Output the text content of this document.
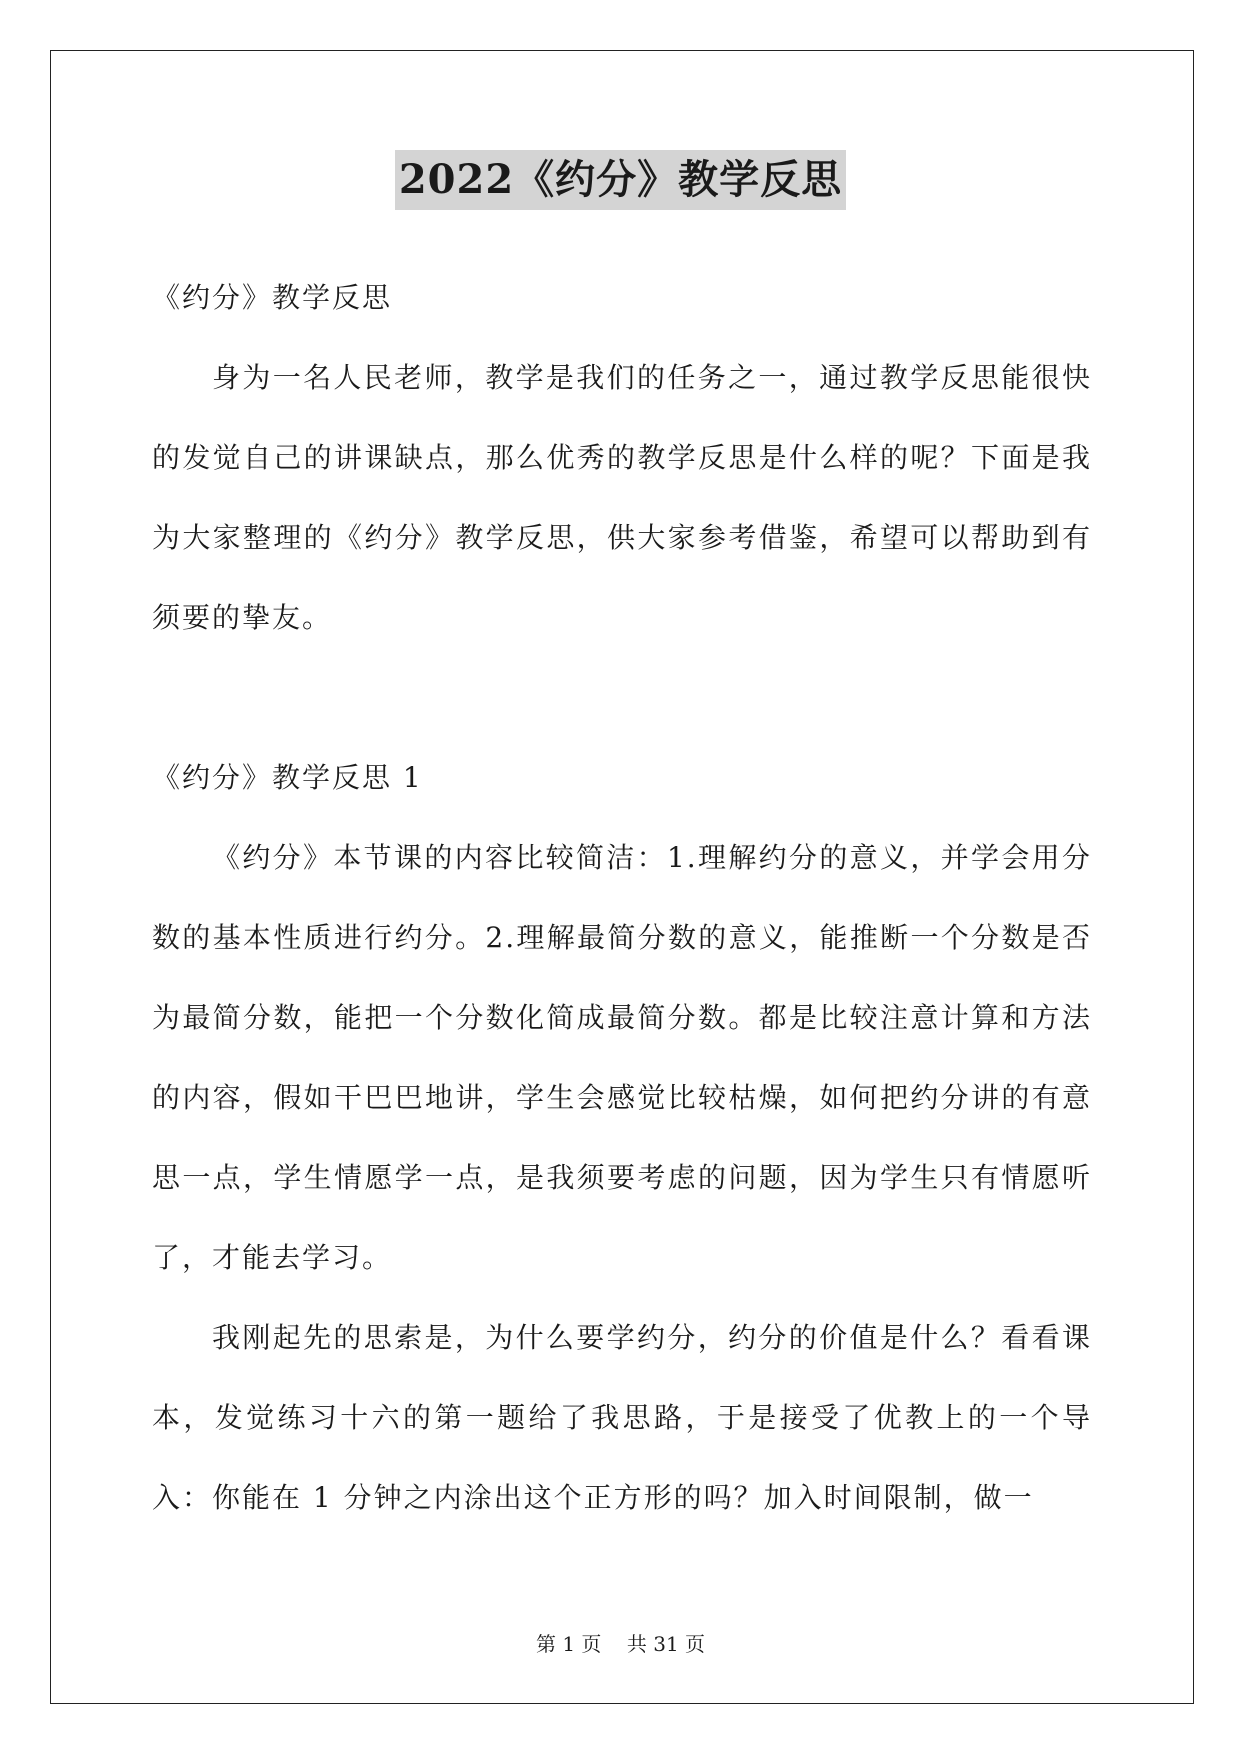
2022《约分》教学反思

《约分》教学反思

身为一名人民老师，教学是我们的任务之一，通过教学反思能很快的发觉自己的讲课缺点，那么优秀的教学反思是什么样的呢？下面是我为大家整理的《约分》教学反思，供大家参考借鉴，希望可以帮助到有须要的挚友。

《约分》教学反思 1

《约分》本节课的内容比较简洁：1.理解约分的意义，并学会用分数的基本性质进行约分。2.理解最简分数的意义，能推断一个分数是否为最简分数，能把一个分数化简成最简分数。都是比较注意计算和方法的内容，假如干巴巴地讲，学生会感觉比较枯燥，如何把约分讲的有意思一点，学生情愿学一点，是我须要考虑的问题，因为学生只有情愿听了，才能去学习。

我刚起先的思索是，为什么要学约分，约分的价值是什么？看看课本，发觉练习十六的第一题给了我思路，于是接受了优教上的一个导入：你能在 1 分钟之内涂出这个正方形的吗？加入时间限制，做一

第 1 页 共 31 页
